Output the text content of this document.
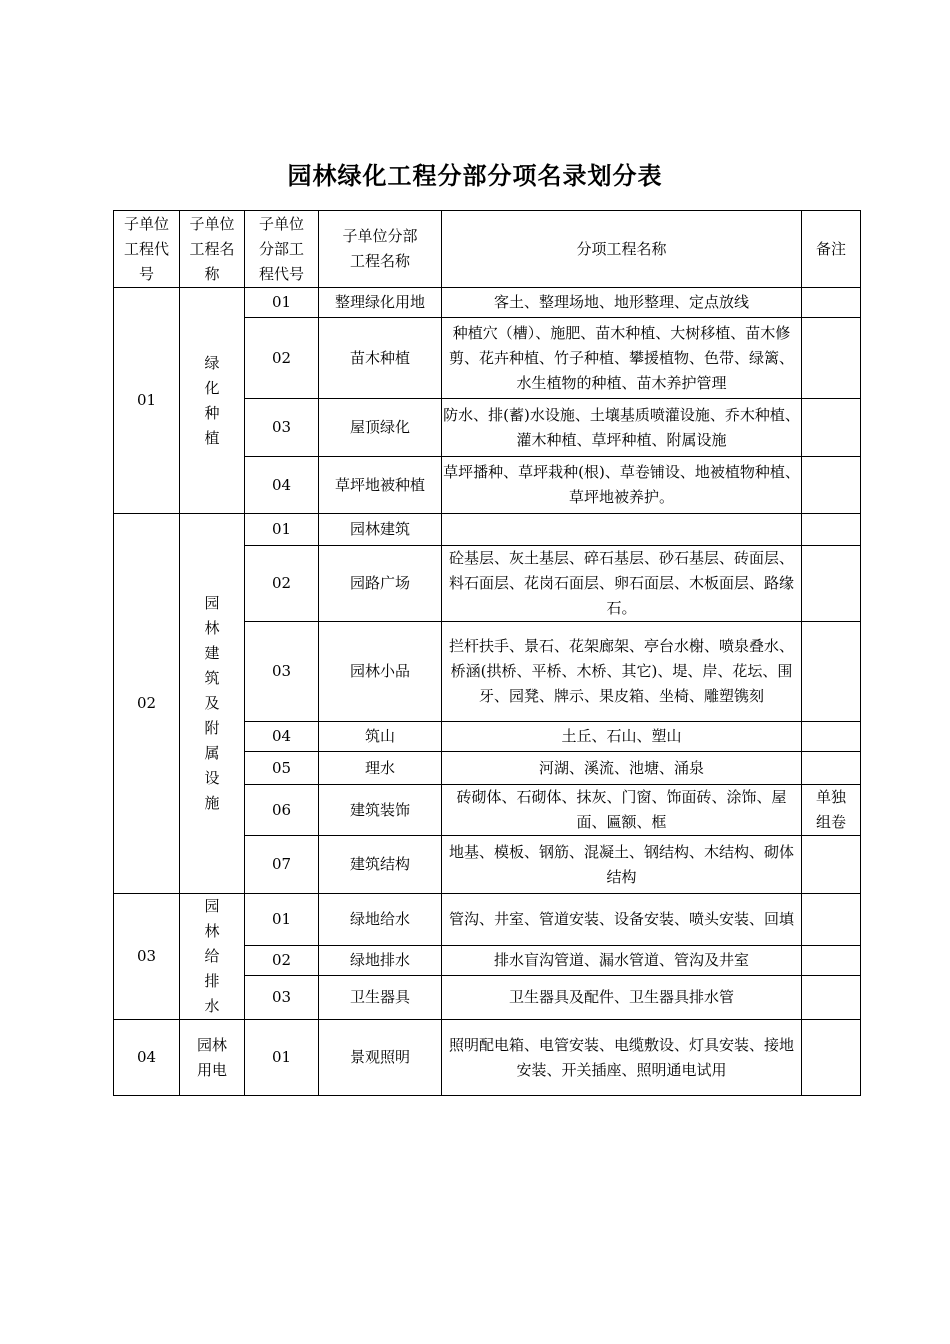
园林绿化工程分部分项名录划分表
子单位工程代号	子单位工程名称	子单位分部工程代号	子单位分部工程名称	分项工程名称	备注
01	绿化种植	01	整理绿化用地	客土、整理场地、地形整理、定点放线	
		02	苗木种植	种植穴（槽）、施肥、苗木种植、大树移植、苗木修剪、花卉种植、竹子种植、攀援植物、色带、绿篱、水生植物的种植、苗木养护管理	
		03	屋顶绿化	防水、排(蓄)水设施、土壤基质喷灌设施、乔木种植、灌木种植、草坪种植、附属设施	
		04	草坪地被种植	草坪播种、草坪栽种(根)、草卷铺设、地被植物种植、草坪地被养护。	
02	园林建筑及附属设施	01	园林建筑		
		02	园路广场	砼基层、灰土基层、碎石基层、砂石基层、砖面层、料石面层、花岗石面层、卵石面层、木板面层、路缘石。	
		03	园林小品	拦杆扶手、景石、花架廊架、亭台水榭、喷泉叠水、桥涵(拱桥、平桥、木桥、其它)、堤、岸、花坛、围牙、园凳、牌示、果皮箱、坐椅、雕塑镌刻	
		04	筑山	土丘、石山、塑山	
		05	理水	河湖、溪流、池塘、涌泉	
		06	建筑装饰	砖砌体、石砌体、抹灰、门窗、饰面砖、涂饰、屋面、匾额、框	单独组卷

		07	建筑结构	地基、模板、钢筋、混凝土、钢结构、木结构、砌体结构	
03	园林给排水	01	绿地给水	管沟、井室、管道安装、设备安装、喷头安装、回填	
		02	绿地排水	排水盲沟管道、漏水管道、管沟及井室	
		03	卫生器具	卫生器具及配件、卫生器具排水管	
04	园林用电	01	景观照明	照明配电箱、电管安装、电缆敷设、灯具安装、接地安装、开关插座、照明通电试用	
